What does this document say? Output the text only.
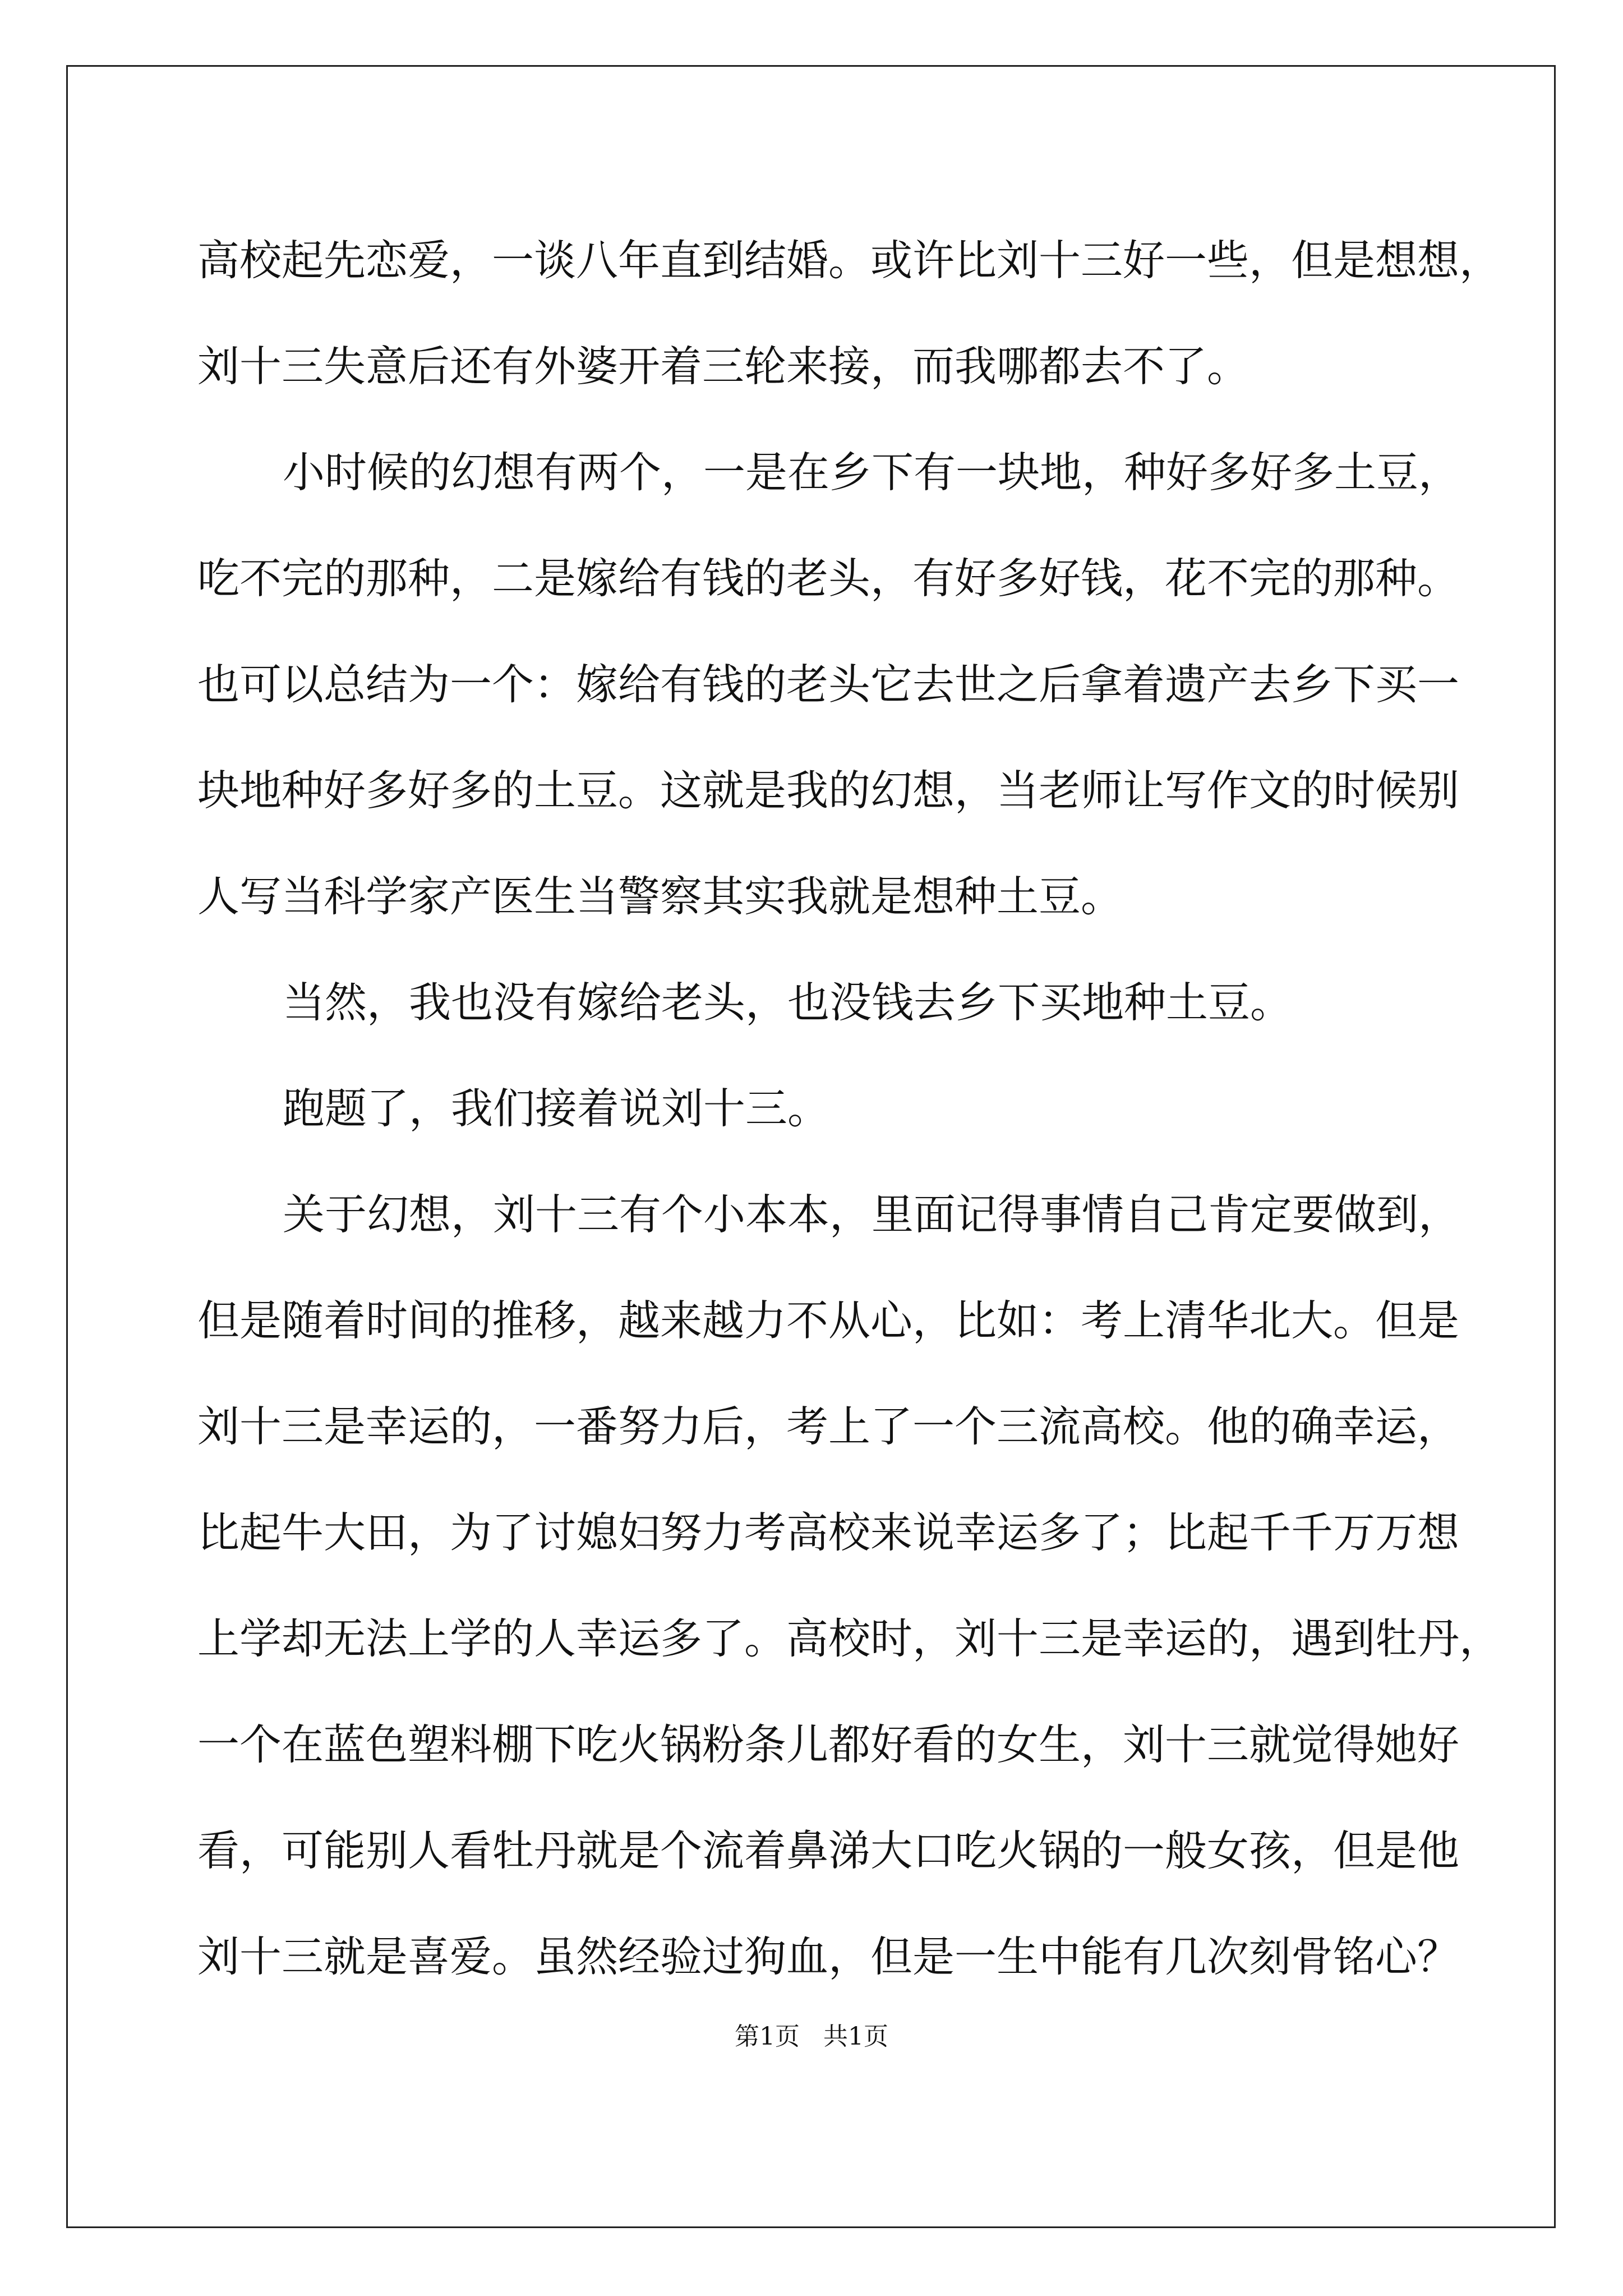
高校起先恋爱，一谈八年直到结婚。或许比刘十三好一些，但是想想，
刘十三失意后还有外婆开着三轮来接，而我哪都去不了。
小时候的幻想有两个，一是在乡下有一块地，种好多好多土豆，
吃不完的那种，二是嫁给有钱的老头，有好多好钱，花不完的那种。
也可以总结为一个：嫁给有钱的老头它去世之后拿着遗产去乡下买一
块地种好多好多的土豆。这就是我的幻想，当老师让写作文的时候别
人写当科学家产医生当警察其实我就是想种土豆。
当然，我也没有嫁给老头，也没钱去乡下买地种土豆。
跑题了，我们接着说刘十三。
关于幻想，刘十三有个小本本，里面记得事情自己肯定要做到，
但是随着时间的推移，越来越力不从心，比如：考上清华北大。但是
刘十三是幸运的，一番努力后，考上了一个三流高校。他的确幸运，
比起牛大田，为了讨媳妇努力考高校来说幸运多了；比起千千万万想
上学却无法上学的人幸运多了。高校时，刘十三是幸运的，遇到牡丹，
一个在蓝色塑料棚下吃火锅粉条儿都好看的女生，刘十三就觉得她好
看，可能别人看牡丹就是个流着鼻涕大口吃火锅的一般女孩，但是他
刘十三就是喜爱。虽然经验过狗血，但是一生中能有几次刻骨铭心？
第1页   共1页
